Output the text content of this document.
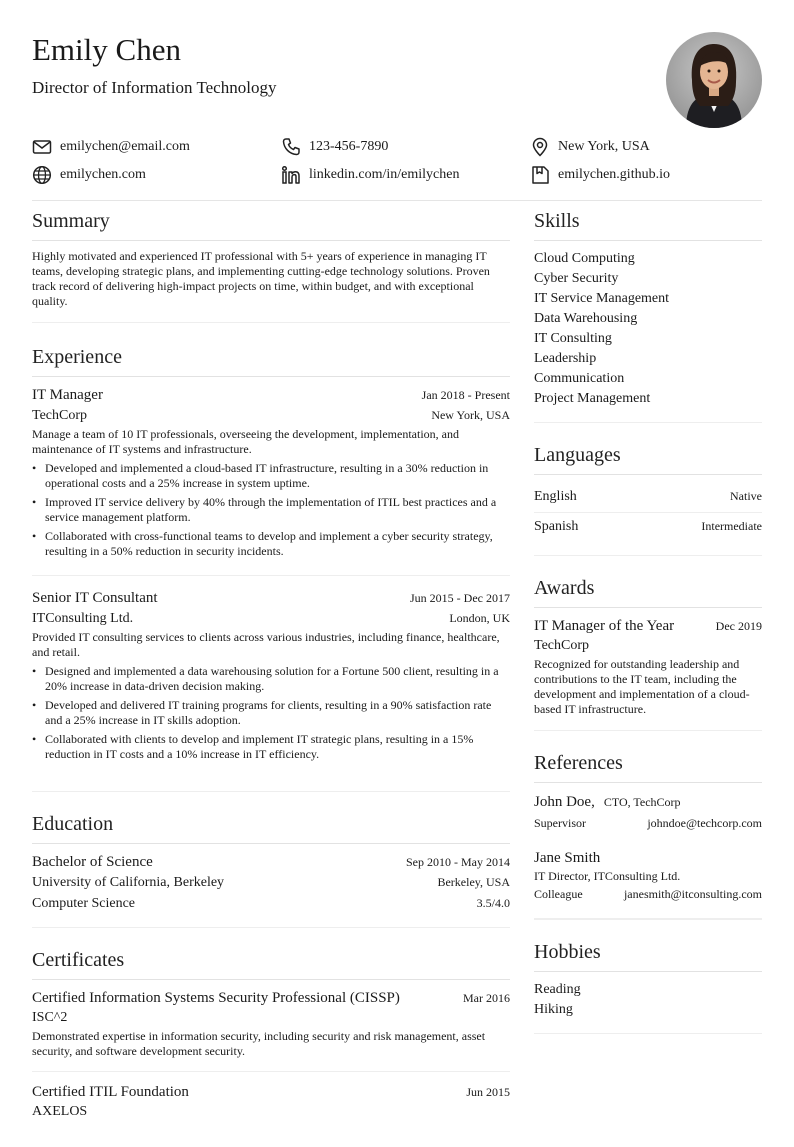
Emily Chen
Director of Information Technology
emilychen@email.com	123-456-7890	New York, USA
emilychen.com	linkedin.com/in/emilychen	emilychen.github.io
Summary

Highly motivated and experienced IT professional with 5+ years of experience in managing IT teams, developing strategic plans, and implementing cutting-edge technology solutions. Proven track record of delivering high-impact projects on time, within budget, and with exceptional quality.

Experience
IT Manager	Jan 2018 - Present
TechCorp	New York, USA

Manage a team of 10 IT professionals, overseeing the development, implementation, and maintenance of IT systems and infrastructure.

• Developed and implemented a cloud-based IT infrastructure, resulting in a 30% reduction in operational costs and a 25% increase in system uptime.
• Improved IT service delivery by 40% through the implementation of ITIL best practices and a service management platform.
• Collaborated with cross-functional teams to develop and implement a cyber security strategy, resulting in a 50% reduction in security incidents.
Senior IT Consultant	Jun 2015 - Dec 2017
ITConsulting Ltd.	London, UK

Provided IT consulting services to clients across various industries, including finance, healthcare, and retail.

• Designed and implemented a data warehousing solution for a Fortune 500 client, resulting in a 20% increase in data-driven decision making.
• Developed and delivered IT training programs for clients, resulting in a 90% satisfaction rate and a 25% increase in IT skills adoption.
• Collaborated with clients to develop and implement IT strategic plans, resulting in a 15% reduction in IT costs and a 10% increase in IT efficiency.
Education
Bachelor of Science	Sep 2010 - May 2014
University of California, Berkeley	Berkeley, USA
Computer Science	3.5/4.0
Certificates
Certified Information Systems Security Professional (CISSP)	Mar 2016
ISC^2

Demonstrated expertise in information security, including security and risk management, asset security, and software development security.

Certified ITIL Foundation	Jun 2015
AXELOS
Skills
Cloud Computing
Cyber Security
IT Service Management
Data Warehousing
IT Consulting
Leadership
Communication
Project Management
Languages
English	Native
Spanish	Intermediate
Awards
IT Manager of the Year	Dec 2019
TechCorp

Recognized for outstanding leadership and contributions to the IT team, including the development and implementation of a cloud-based IT infrastructure.

References
John Doe, CTO, TechCorp
Supervisor	johndoe@techcorp.com
Jane Smith
IT Director, ITConsulting Ltd.
Colleague	janesmith@itconsulting.com
Hobbies
Reading
Hiking
